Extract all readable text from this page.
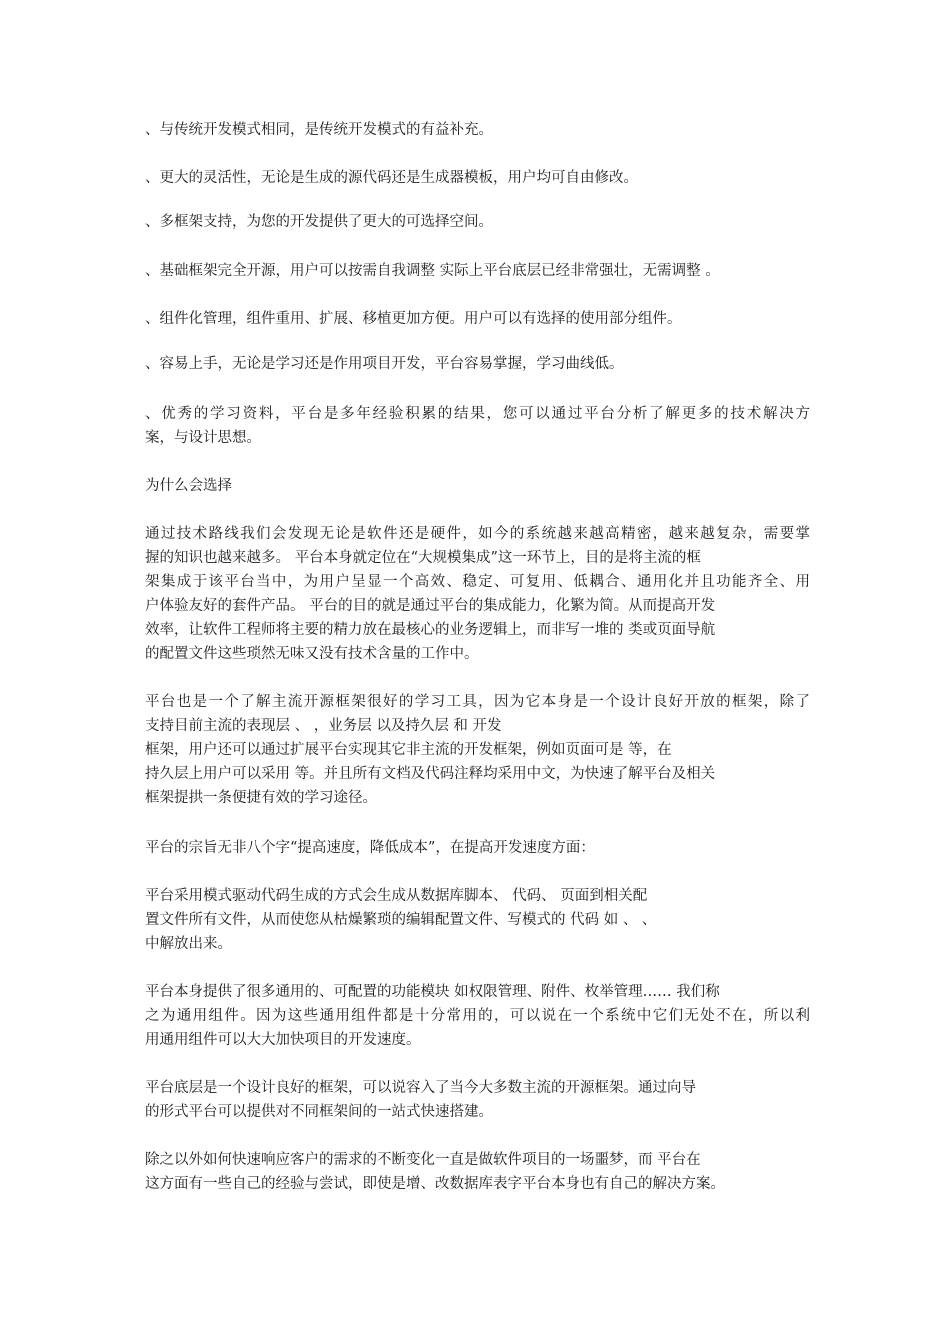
、与传统开发模式相同，是传统开发模式的有益补充。
、更大的灵活性，无论是生成的源代码还是生成器模板，用户均可自由修改。
、多框架支持，为您的开发提供了更大的可选择空间。
、基础框架完全开源，用户可以按需自我调整 实际上平台底层已经非常强壮，无需调整 。
、组件化管理，组件重用、扩展、移植更加方便。用户可以有选择的使用部分组件。
、容易上手，无论是学习还是作用项目开发，平台容易掌握，学习曲线低。
、优秀的学习资料，平台是多年经验积累的结果，您可以通过平台分析了解更多的技术解决方
案，与设计思想。
为什么会选择
通过技术路线我们会发现无论是软件还是硬件，如今的系统越来越高精密，越来越复杂，需要掌
握的知识也越来越多。 平台本身就定位在“大规模集成”这一环节上，目的是将主流的框
架集成于该平台当中，为用户呈显一个高效、稳定、可复用、低耦合、通用化并且功能齐全、用
户体验友好的套件产品。 平台的目的就是通过平台的集成能力，化繁为简。从而提高开发
效率，让软件工程师将主要的精力放在最核心的业务逻辑上，而非写一堆的 类或页面导航
的配置文件这些琐然无味又没有技术含量的工作中。
平台也是一个了解主流开源框架很好的学习工具，因为它本身是一个设计良好开放的框架，除了
支持目前主流的表现层 、 ，业务层 以及持久层 和 开发
框架，用户还可以通过扩展平台实现其它非主流的开发框架，例如页面可是 等，在
持久层上用户可以采用 等。并且所有文档及代码注释均采用中文，为快速了解平台及相关
框架提拱一条便捷有效的学习途径。
平台的宗旨无非八个字“提高速度，降低成本”，在提高开发速度方面：
平台采用模式驱动代码生成的方式会生成从数据库脚本、 代码、 页面到相关配
置文件所有文件，从而使您从枯燥繁琐的编辑配置文件、写模式的 代码 如 、 、
中解放出来。
平台本身提供了很多通用的、可配置的功能模块 如权限管理、附件、枚举管理…… 我们称
之为通用组件。因为这些通用组件都是十分常用的，可以说在一个系统中它们无处不在，所以利
用通用组件可以大大加快项目的开发速度。
平台底层是一个设计良好的框架，可以说容入了当今大多数主流的开源框架。通过向导
的形式平台可以提供对不同框架间的一站式快速搭建。
除之以外如何快速响应客户的需求的不断变化一直是做软件项目的一场噩梦，而 平台在
这方面有一些自己的经验与尝试，即使是增、改数据库表字平台本身也有自己的解决方案。
